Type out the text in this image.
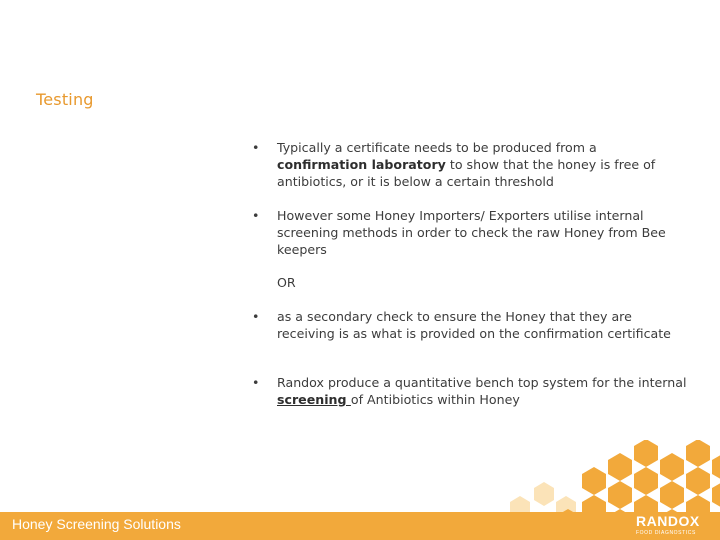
Testing
• Typically a certificate needs to be produced from a confirmation laboratory to show that the honey is free of antibiotics, or it is below a certain threshold
• However some Honey Importers/ Exporters utilise internal screening methods in order to check the raw Honey from Bee keepers
OR
• as a secondary check to ensure the Honey that they are receiving is as what is provided on the confirmation certificate
• Randox produce a quantitative bench top system for the internal screening of Antibiotics within Honey
Honey Screening Solutions	RANDOX
FOOD DIAGNOSTICS
